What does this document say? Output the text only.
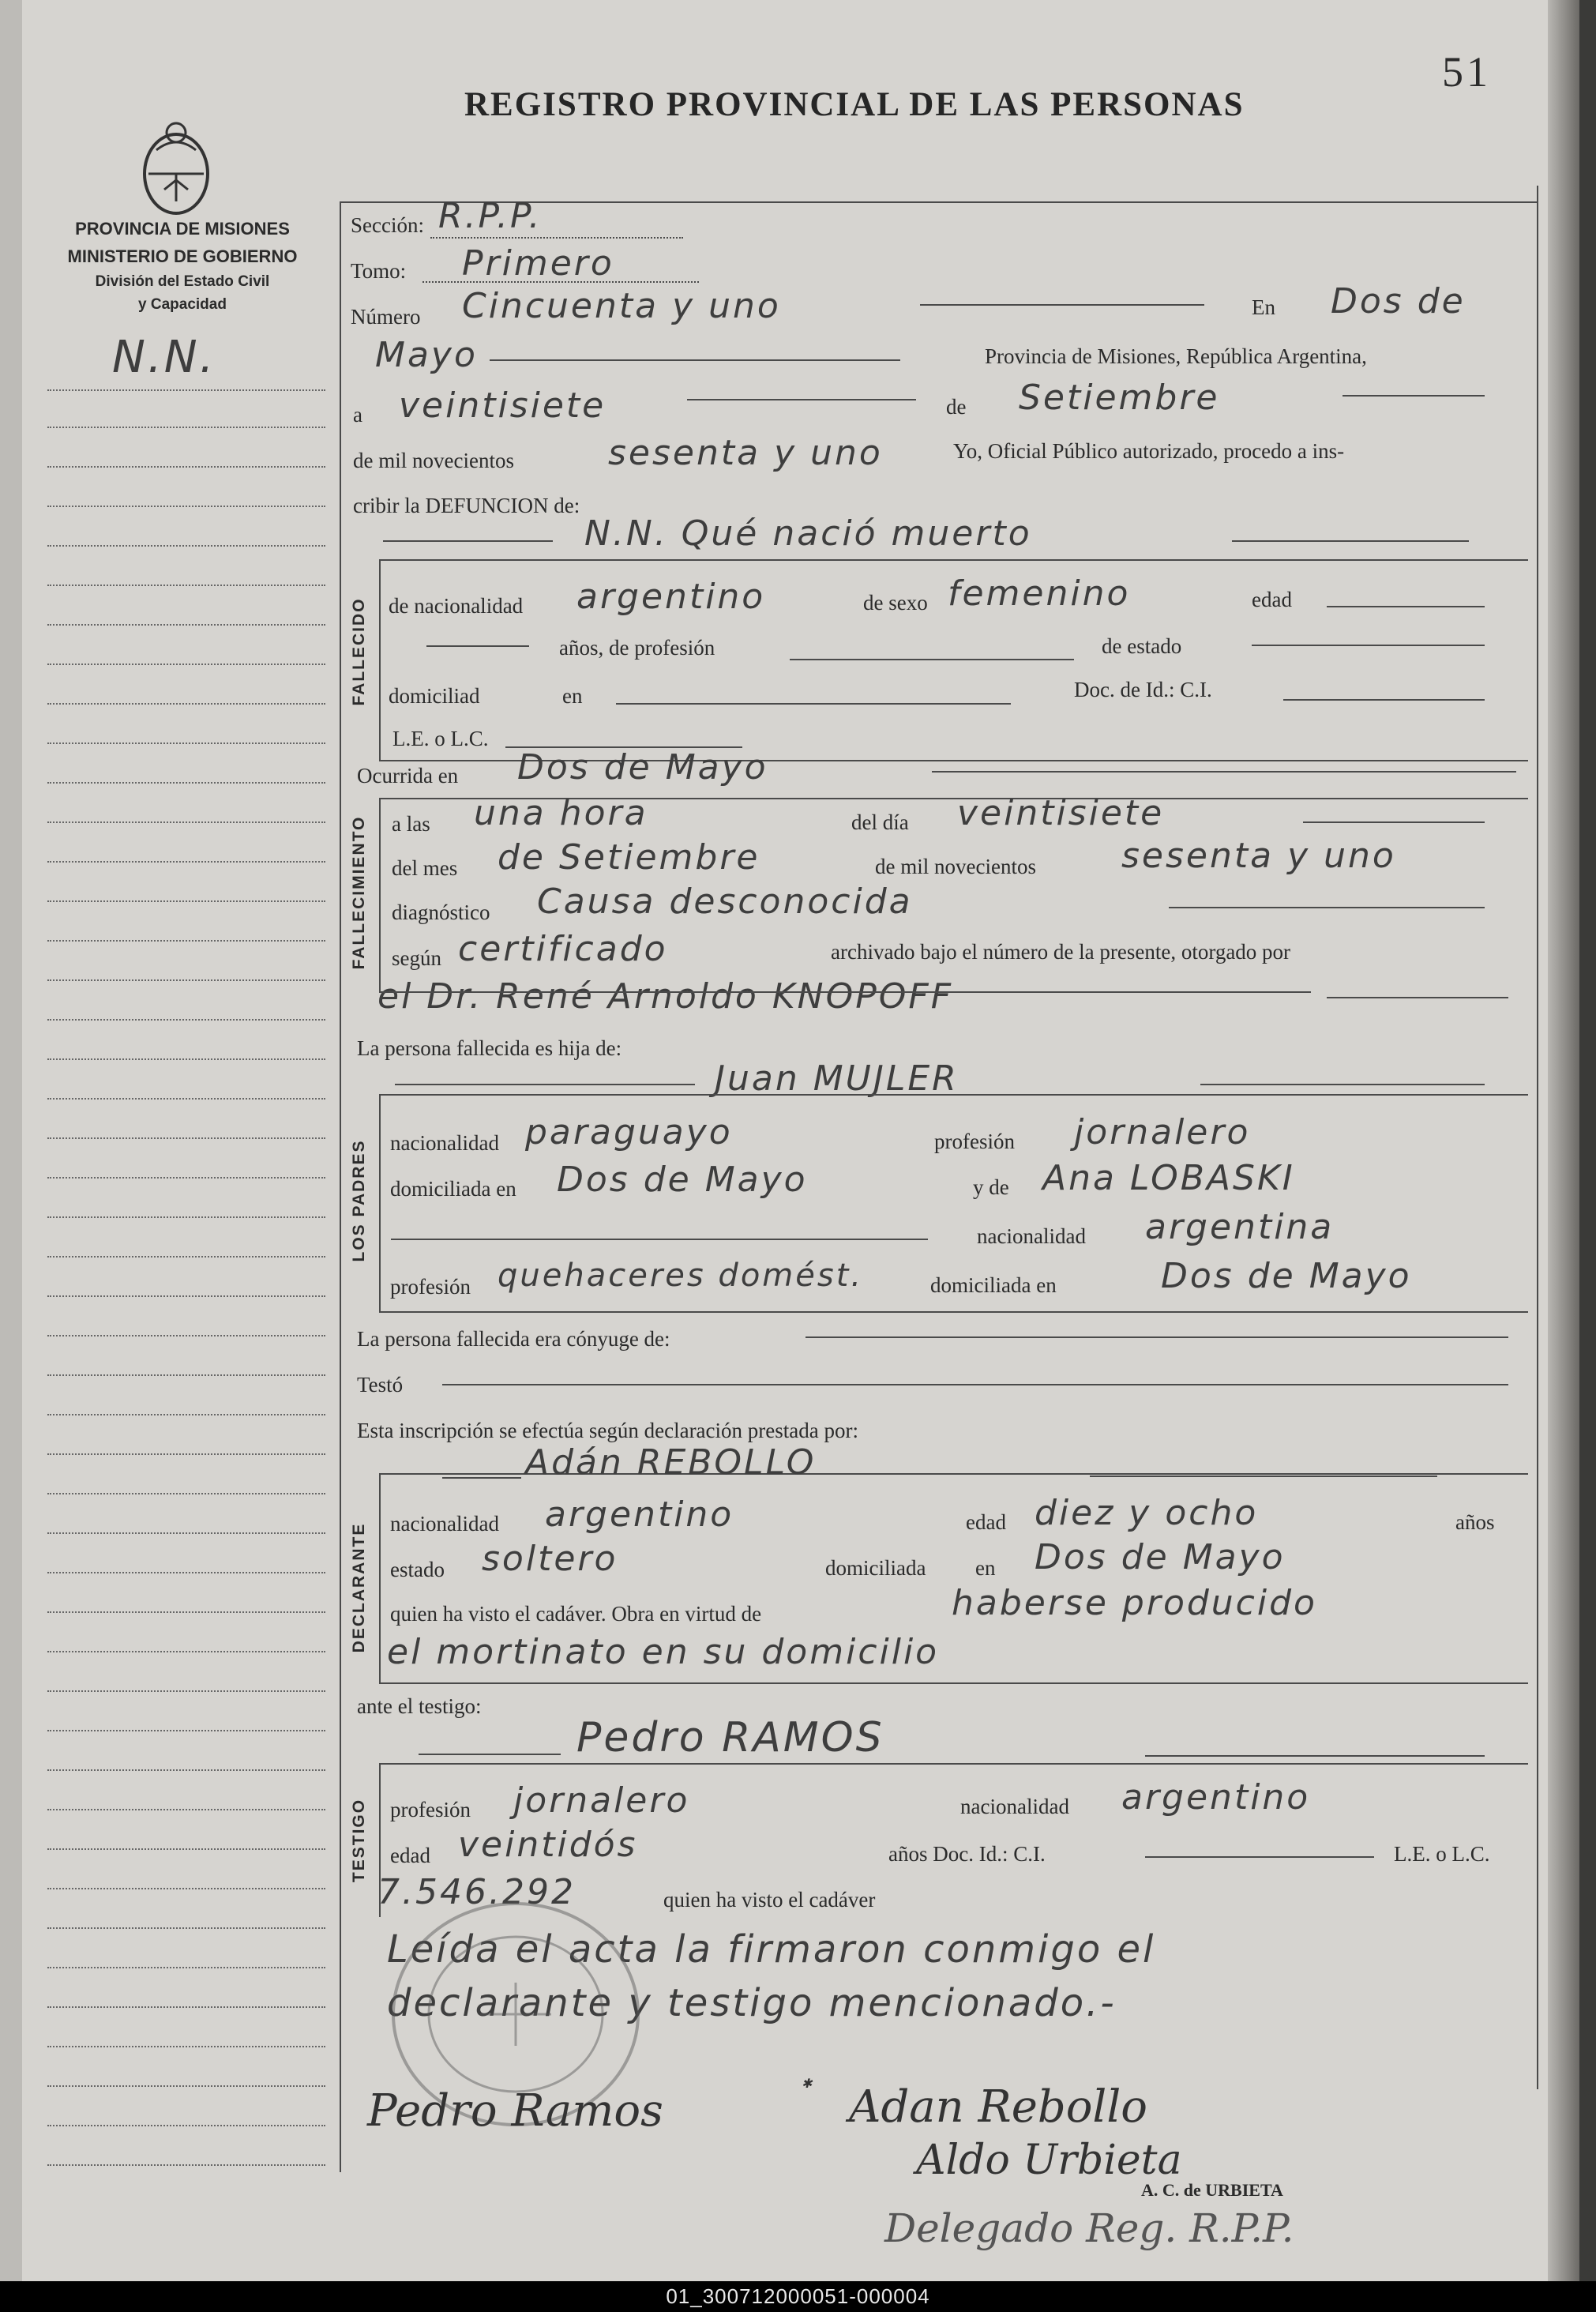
51
REGISTRO PROVINCIAL DE LAS PERSONAS
PROVINCIA DE MISIONES
MINISTERIO DE GOBIERNO
División del Estado Civil
y Capacidad
N.N.
Sección: R.P.P.
Tomo: Primero
Número Cincuenta y uno	En Dos de
Mayo	Provincia de Misiones, República Argentina,
a veintisiete	de Setiembre
de mil novecientos	sesenta y uno	Yo, Oficial Público autorizado, procedo a ins-
cribir la DEFUNCION de:
FALLECIDO
N.N. Qué nació muerto
de nacionalidad argentino	de sexo femenino	edad
años, de profesión	de estado
domiciliad	en	Doc. de Id.: C.I.
L.E. o L.C.
Ocurrida en Dos de Mayo
FALLECIMIENTO a las una hora	del día veintisiete
del mes de Setiembre	de mil novecientos sesenta y uno
diagnóstico Causa desconocida
según certificado	archivado bajo el número de la presente, otorgado por
el Dr. René Arnoldo KNOPOFF
La persona fallecida es hija de:
Juan MUJLER
LOS PADRES nacionalidad paraguayo	profesión jornalero
domiciliada en Dos de Mayo	y de Ana LOBASKI
nacionalidad argentina
profesión quehaceres domést.	domiciliada en	Dos de Mayo
La persona fallecida era cónyuge de:
Testó
Esta inscripción se efectúa según declaración prestada por:
DECLARANTE
Adán REBOLLO
nacionalidad argentino	edad diez y ocho	años
estado soltero	domiciliada en Dos de Mayo
quien ha visto el cadáver. Obra en virtud de	haberse producido
el mortinato en su domicilio
ante el testigo:
Pedro RAMOS
TESTIGO profesión jornalero	nacionalidad argentino
edad veintidós	años Doc. Id.: C.I.	L.E. o L.C.
7.546.292	quien ha visto el cadáver
Leída el acta la firmaron conmigo el
declarante y testigo mencionado.-
Pedro Ramos
✱ Adan Rebollo
Aldo Urbieta
A. C. de URBIETA
Delegado Reg. R.P.P.
01_300712000051-000004
